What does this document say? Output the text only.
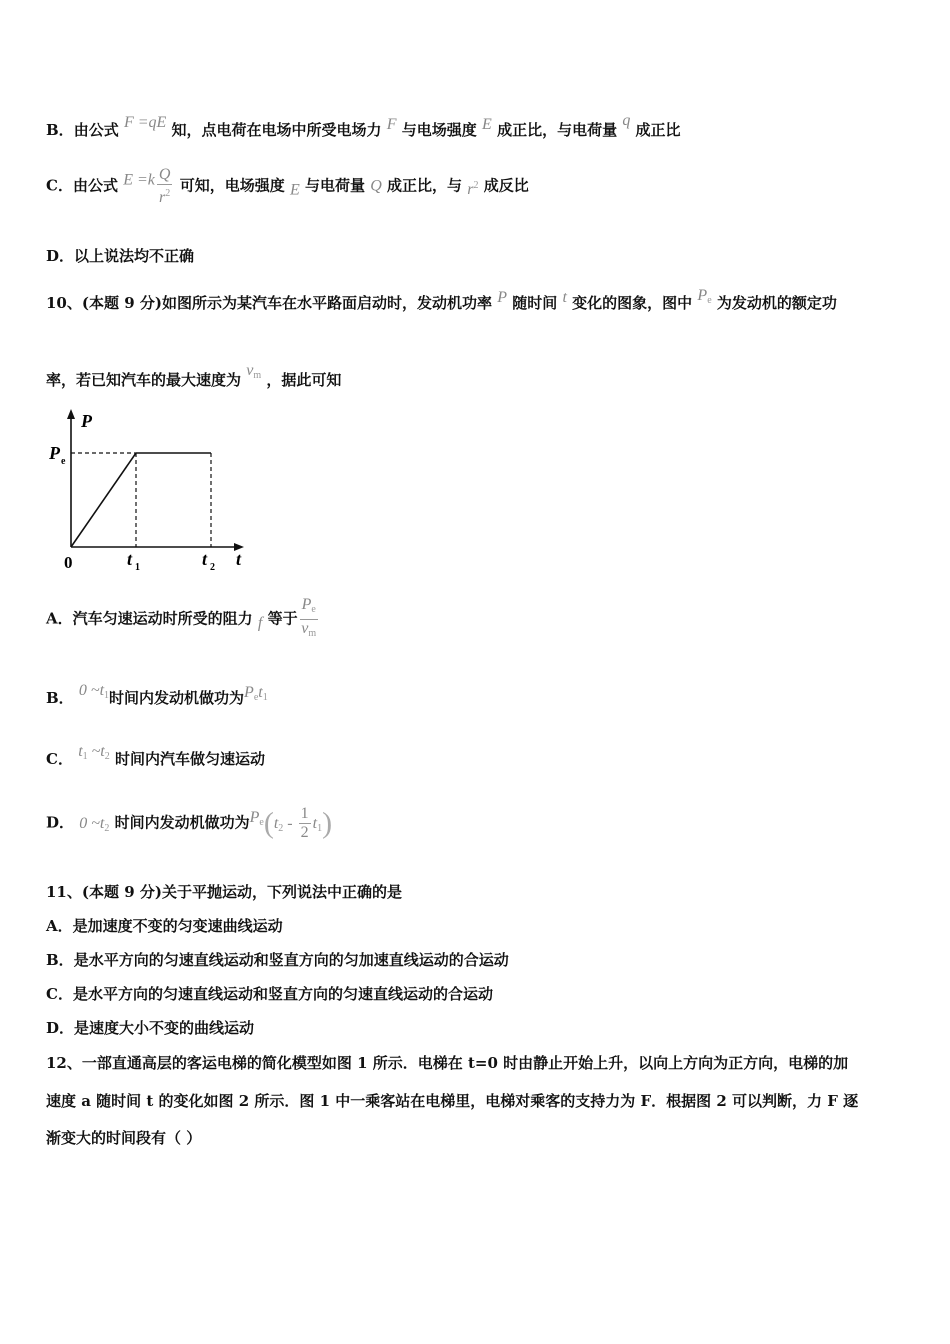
B．由公式 F =qE 知，点电荷在电场中所受电场力 F 与电场强度 E 成正比，与电荷量 q 成正比
C．由公式 $E =k \frac{Q}{r^2}$ 可知，电场强度 E 与电荷量 Q 成正比，与 $r^2$ 成反比
D．以上说法均不正确
10、(本题 9 分)如图所示为某汽车在水平路面启动时，发动机功率 P 随时间 t 变化的图象，图中 $P_e$ 为发动机的额定功
率，若已知汽车的最大速度为 $v_m$ ，据此可知
P
P e
0	t 1	t 2 t
A．汽车匀速运动时所受的阻力 f 等于 $\frac{P_e}{v_m}$
B． 0 $\sim t_1$时间内发动机做功为$P_et_1$
C． $t_1$ $\sim t_2$ 时间内汽车做匀速运动
D． 0 $\sim t_2$ 时间内发动机做功为$P_e(t_2 - \frac{1}{2} t_1)$
11、(本题 9 分)关于平抛运动，下列说法中正确的是
A．是加速度不变的匀变速曲线运动
B．是水平方向的匀速直线运动和竖直方向的匀加速直线运动的合运动
C．是水平方向的匀速直线运动和竖直方向的匀速直线运动的合运动
D．是速度大小不变的曲线运动
12、一部直通高层的客运电梯的简化模型如图 1 所示．电梯在 t=0 时由静止开始上升，以向上方向为正方向，电梯的加
速度 a 随时间 t 的变化如图 2 所示．图 1 中一乘客站在电梯里，电梯对乘客的支持力为 F．根据图 2 可以判断，力 F 逐
渐变大的时间段有（ ）
